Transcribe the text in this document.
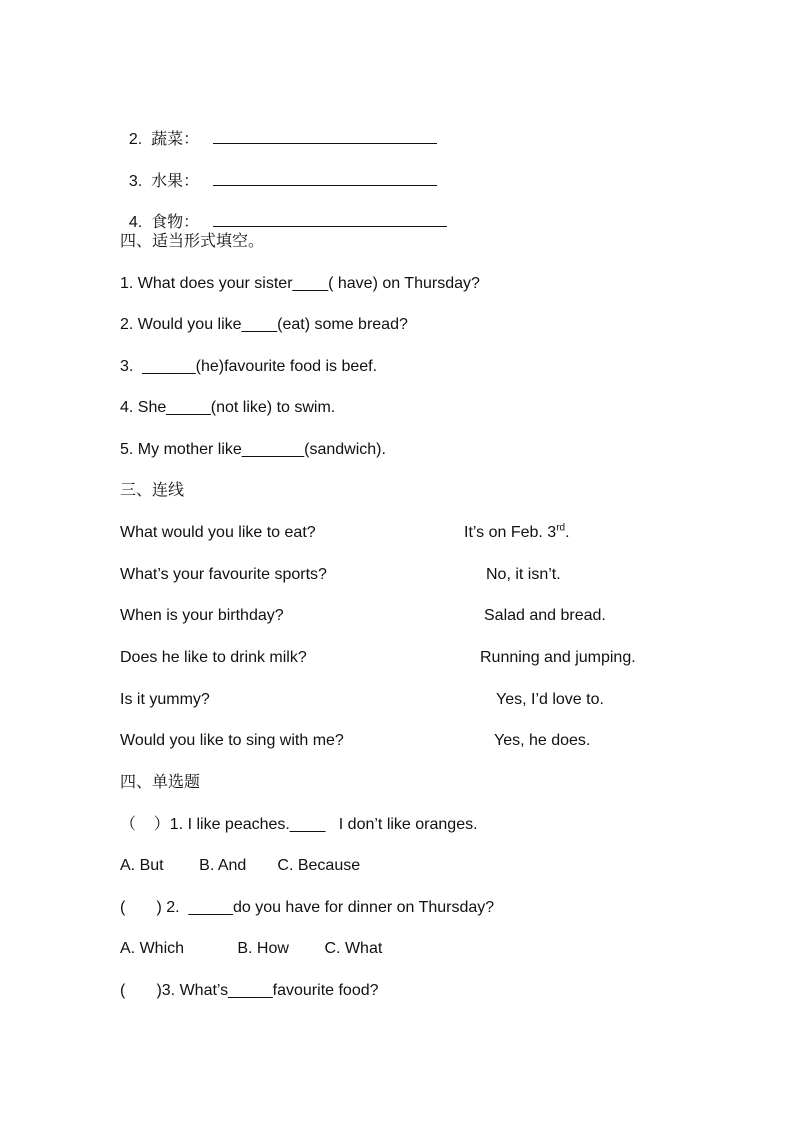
2.  蔬菜：

3.  水果：

4.  食物：

四、适当形式填空。
1. What does your sister____( have) on Thursday?
2. Would you like____(eat) some bread?
3.  ______(he)favourite food is beef.
4. She_____(not like) to swim.
5. My mother like_______(sandwich).
三、连线
What would you like to eat?	It’s on Feb. 3rd.
What’s your favourite sports?	No, it isn’t.
When is your birthday?	Salad and bread.
Does he like to drink milk?	Running and jumping.
Is it yummy?	Yes, I’d love to.
Would you like to sing with me?	Yes, he does.
四、单选题
（    ）1. I like peaches.____   I don’t like oranges.
A. But        B. And       C. Because
(       ) 2.  _____do you have for dinner on Thursday?
A. Which            B. How        C. What
(       )3. What’s_____favourite food?
